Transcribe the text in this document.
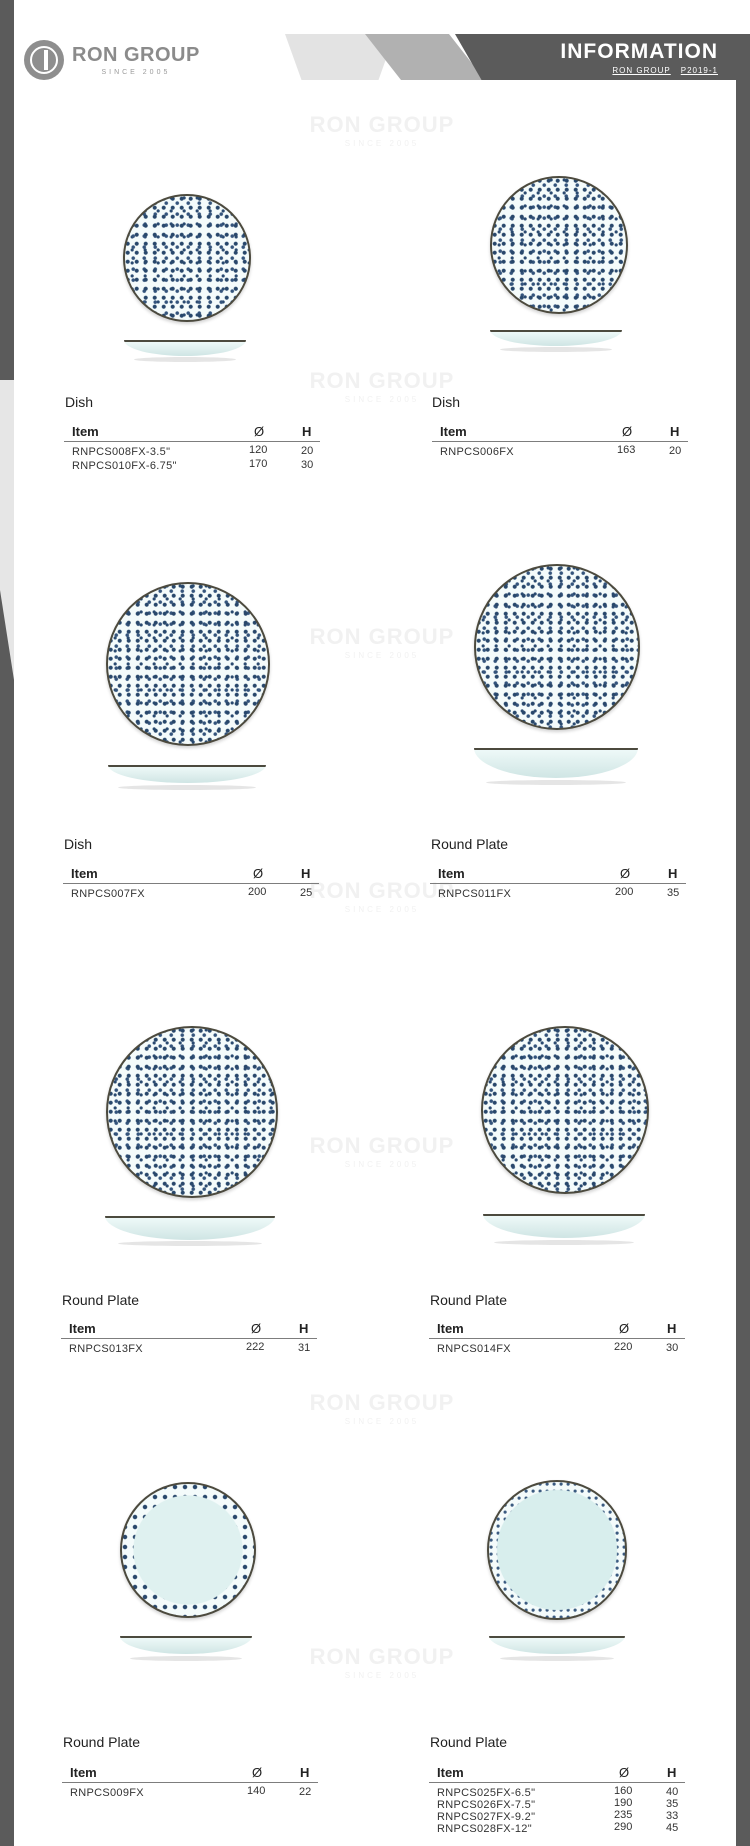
RON GROUP
SINCE 2005
INFORMATION
RON GROUP P2019-1
RON GROUP
SINCE 2005
RON GROUP
SINCE 2005
RON GROUP
SINCE 2005
RON GROUP
SINCE 2005
RON GROUP
SINCE 2005
RON GROUP
SINCE 2005
RON GROUP
SINCE 2005
Dish
Item	Ø	H
RNPCS008FX-3.5"	120	20
RNPCS010FX-6.75"	170	30
Dish
Item	Ø	H
RNPCS006FX	163	20
Dish
Item	Ø	H
RNPCS007FX	200	25
Round Plate
Item	Ø	H
RNPCS011FX	200	35
Round Plate
Item	Ø	H
RNPCS013FX	222	31
Round Plate
Item	Ø	H
RNPCS014FX	220	30
Round Plate
Item	Ø	H
RNPCS009FX	140	22
Round Plate
Item	Ø	H
RNPCS025FX-6.5"	160	40
RNPCS026FX-7.5"	190	35
RNPCS027FX-9.2"	235	33
RNPCS028FX-12"	290	45
